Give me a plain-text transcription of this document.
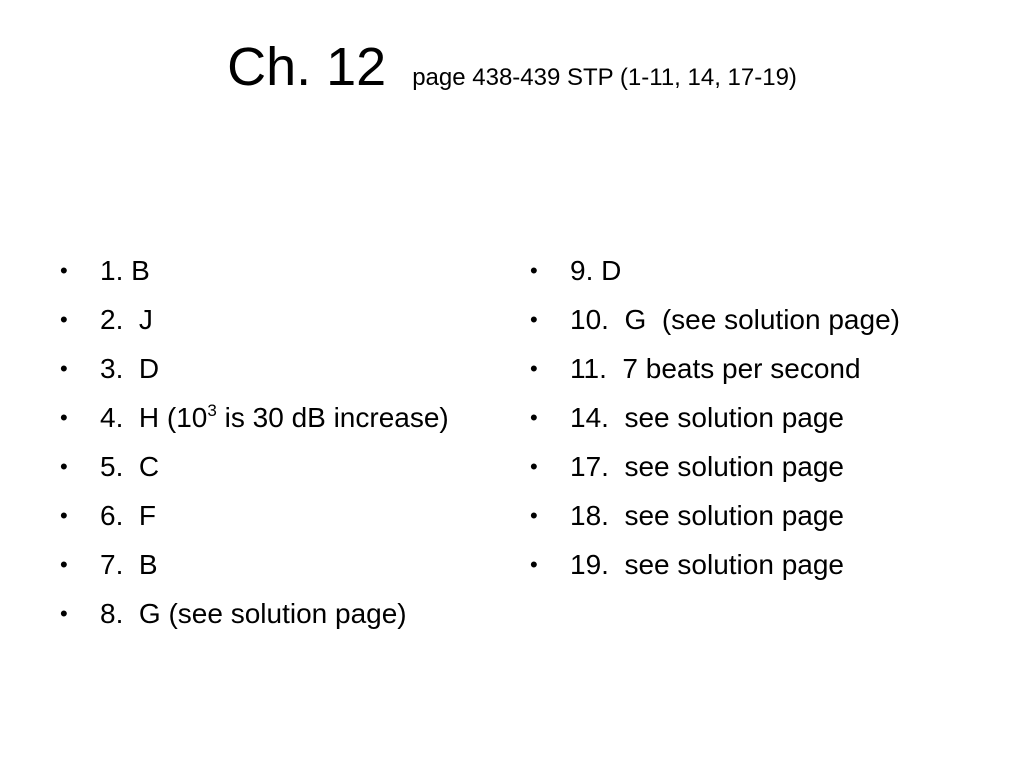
Ch. 12 page 438-439 STP (1-11, 14, 17-19)
• 1. B
• 2.  J
• 3.  D
• 4.  H ($10^3$ is 30 dB increase)
• 5.  C
• 6.  F
• 7.  B
• 8.  G (see solution page)
• 9. D
• 10.  G  (see solution page)
• 11.  7 beats per second
• 14.  see solution page
• 17.  see solution page
• 18.  see solution page
• 19.  see solution page
